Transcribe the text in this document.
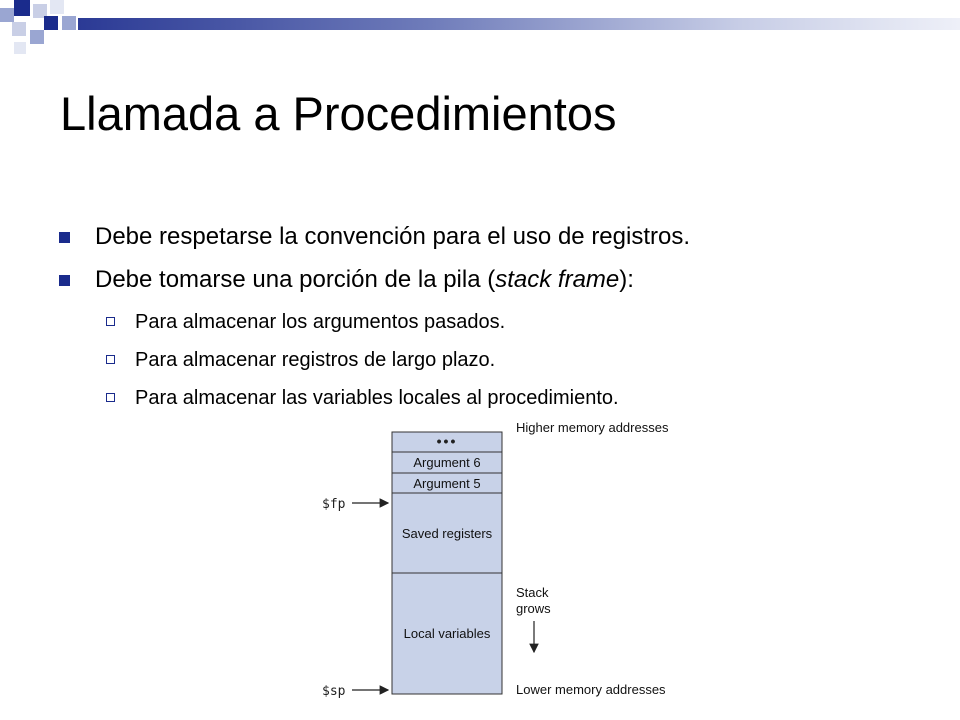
Llamada a Procedimientos
Debe respetarse la convención para el uso de registros.
Debe tomarse una porción de la pila (stack frame):
Para almacenar los argumentos pasados.
Para almacenar registros de largo plazo.
Para almacenar las variables locales al procedimiento.
•••
Argument 6
Argument 5
Saved registers
Local variables
$fp
$sp
Higher memory addresses
Stack
grows
Lower memory addresses
